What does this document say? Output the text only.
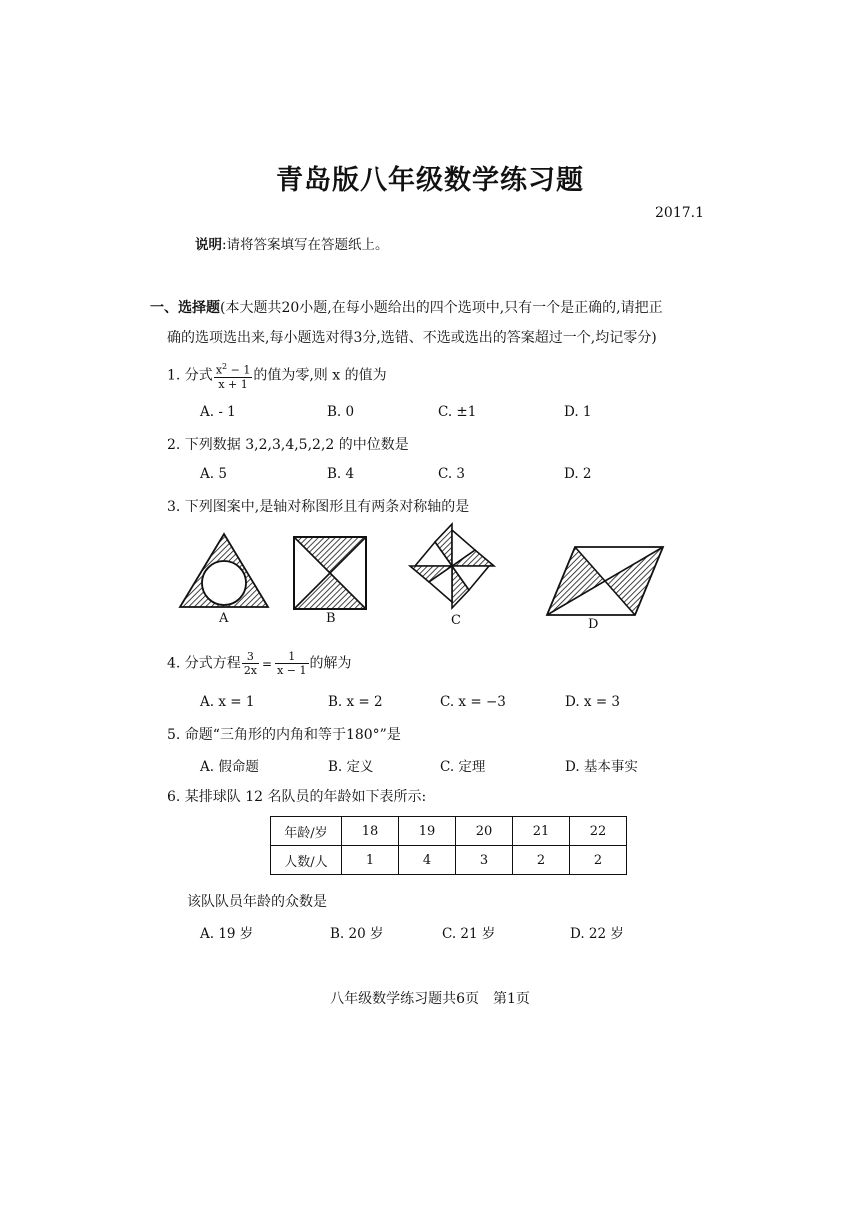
青岛版八年级数学练习题
2017.1
说明:请将答案填写在答题纸上。
一、选择题(本大题共20小题,在每小题给出的四个选项中,只有一个是正确的,请把正
确的选项选出来,每小题选对得3分,选错、不选或选出的答案超过一个,均记零分)
1. 分式 $\frac{x^2 - 1}{x + 1}$ 的值为零,则 x 的值为
A. - 1	B. 0	C. ±1	D. 1
2. 下列数据 3,2,3,4,5,2,2 的中位数是
A. 5	B. 4	C. 3	D. 2
3. 下列图案中,是轴对称图形且有两条对称轴的是
A	B	C	D
4. 分式方程 $\frac{3}{2x} = \frac{1}{x - 1}$ 的解为
A. x = 1	B. x = 2	C. x = −3	D. x = 3
5. 命题“三角形的内角和等于180°”是
A. 假命题	B. 定义	C. 定理	D. 基本事实
6. 某排球队 12 名队员的年龄如下表所示:
年龄/岁	18	19	20	21	22
人数/人	1	4	3	2	2
该队队员年龄的众数是
A. 19 岁	B. 20 岁	C. 21 岁	D. 22 岁
八年级数学练习题共6页　第1页
